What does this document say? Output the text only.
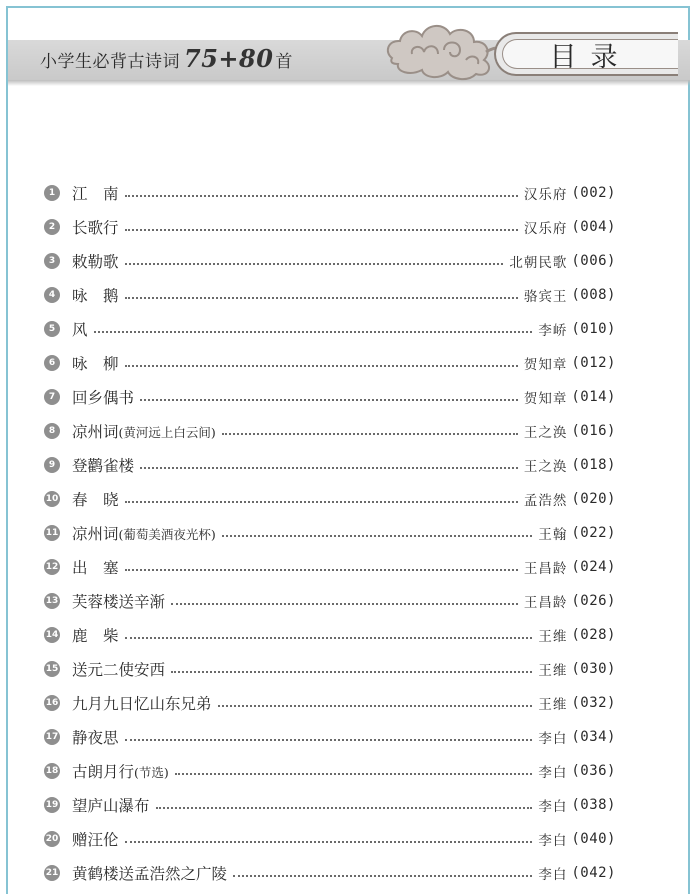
小学生必背古诗词 75+80 首	目录
1	江　南	汉乐府 (002)
2	长歌行	汉乐府 (004)
3	敕勒歌	北朝民歌 (006)
4	咏　鹅	骆宾王 (008)
5	风	李峤 (010)
6	咏　柳	贺知章 (012)
7	回乡偶书	贺知章 (014)
8	凉州词(黄河远上白云间)	王之涣 (016)
9	登鹳雀楼	王之涣 (018)
10 春　晓	孟浩然 (020)
11 凉州词(葡萄美酒夜光杯)	王翰 (022)
12 出　塞	王昌龄 (024)
13 芙蓉楼送辛渐	王昌龄 (026)
14 鹿　柴	王维 (028)
15 送元二使安西	王维 (030)
16 九月九日忆山东兄弟	王维 (032)
17 静夜思	李白 (034)
18 古朗月行(节选)	李白 (036)
19 望庐山瀑布	李白 (038)
20 赠汪伦	李白 (040)
21 黄鹤楼送孟浩然之广陵	李白 (042)
